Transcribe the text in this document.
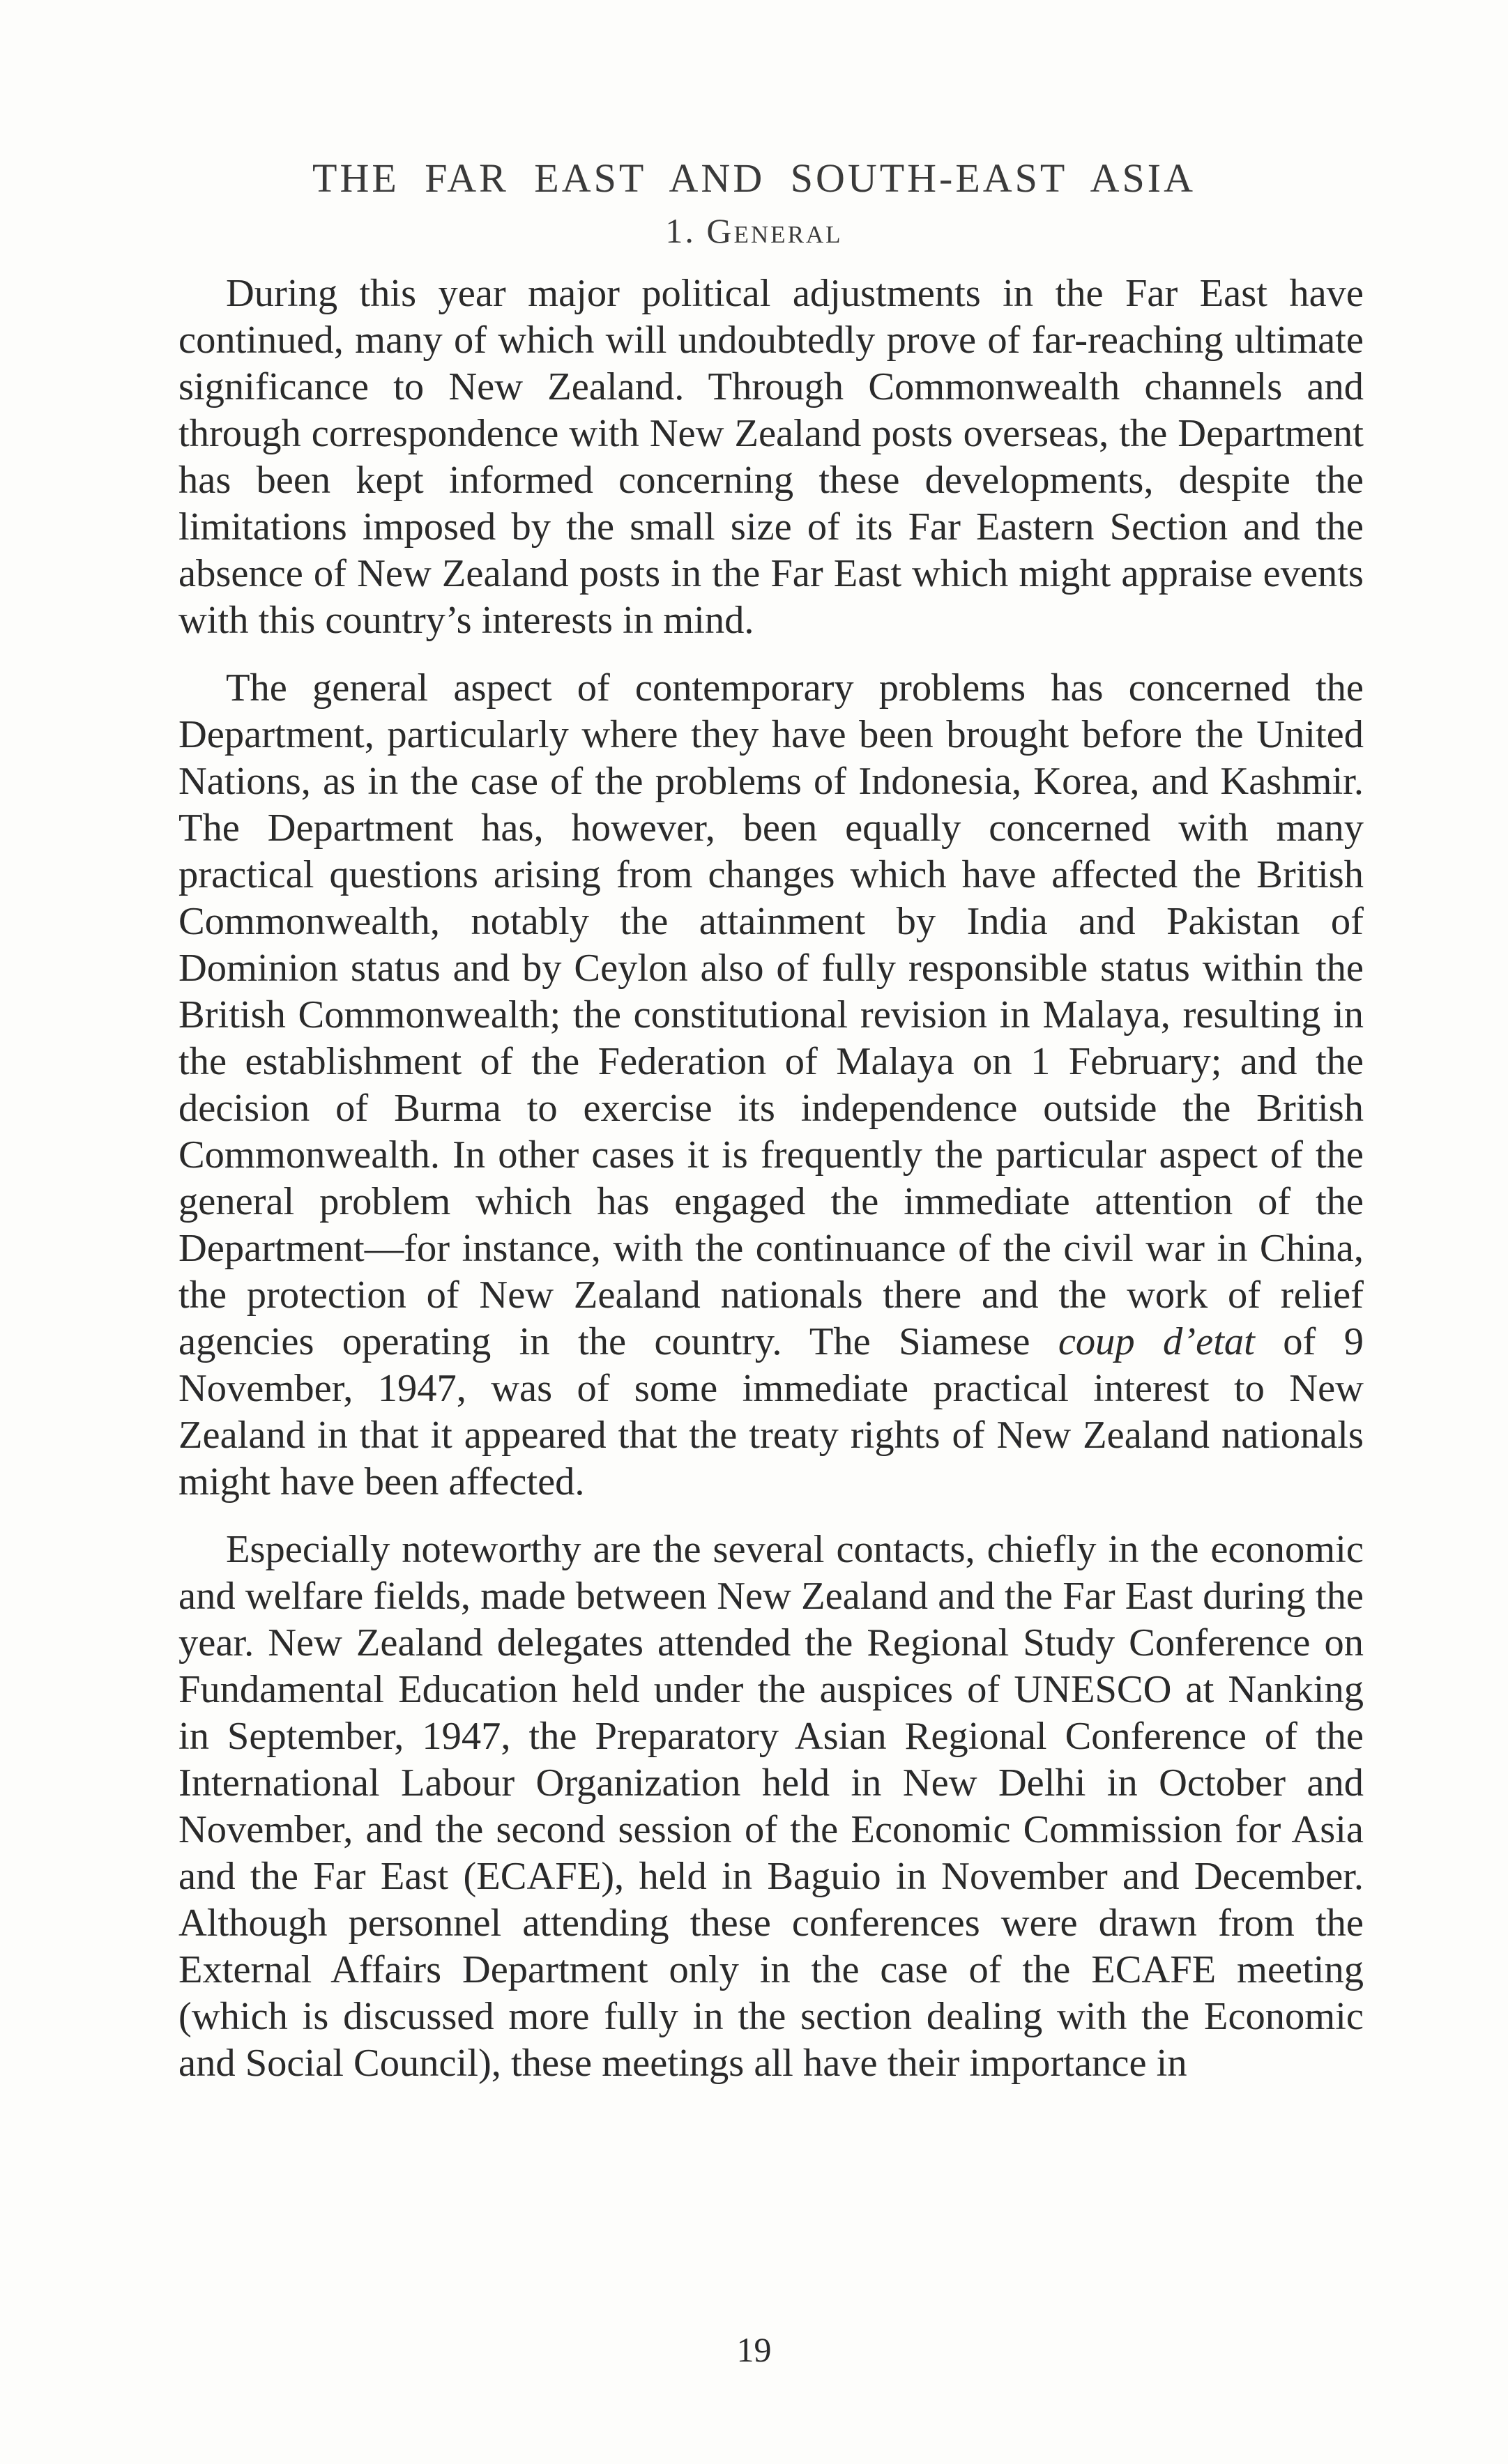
THE FAR EAST AND SOUTH-EAST ASIA
1. General

During this year major political adjustments in the Far East have continued, many of which will undoubtedly prove of far-reaching ultimate significance to New Zealand. Through Commonwealth channels and through correspondence with New Zealand posts overseas, the Department has been kept informed concerning these developments, despite the limitations imposed by the small size of its Far Eastern Section and the absence of New Zealand posts in the Far East which might appraise events with this country’s interests in mind.

The general aspect of contemporary problems has concerned the Department, particularly where they have been brought before the United Nations, as in the case of the problems of Indonesia, Korea, and Kashmir. The Department has, however, been equally concerned with many practical questions arising from changes which have affected the British Commonwealth, notably the attainment by India and Pakistan of Dominion status and by Ceylon also of fully responsible status within the British Commonwealth; the constitutional revision in Malaya, resulting in the establishment of the Federation of Malaya on 1 February; and the decision of Burma to exercise its independence outside the British Commonwealth. In other cases it is frequently the particular aspect of the general problem which has engaged the immediate attention of the Department—for instance, with the continuance of the civil war in China, the protection of New Zealand nationals there and the work of relief agencies operating in the country. The Siamese coup d’etat of 9 November, 1947, was of some immediate practical interest to New Zealand in that it appeared that the treaty rights of New Zealand nationals might have been affected.

Especially noteworthy are the several contacts, chiefly in the economic and welfare fields, made between New Zealand and the Far East during the year. New Zealand delegates attended the Regional Study Conference on Fundamental Education held under the auspices of UNESCO at Nanking in September, 1947, the Preparatory Asian Regional Conference of the International Labour Organization held in New Delhi in October and November, and the second session of the Economic Commission for Asia and the Far East (ECAFE), held in Baguio in November and December. Although personnel attending these conferences were drawn from the External Affairs Department only in the case of the ECAFE meeting (which is discussed more fully in the section dealing with the Economic and Social Council), these meetings all have their importance in

19
